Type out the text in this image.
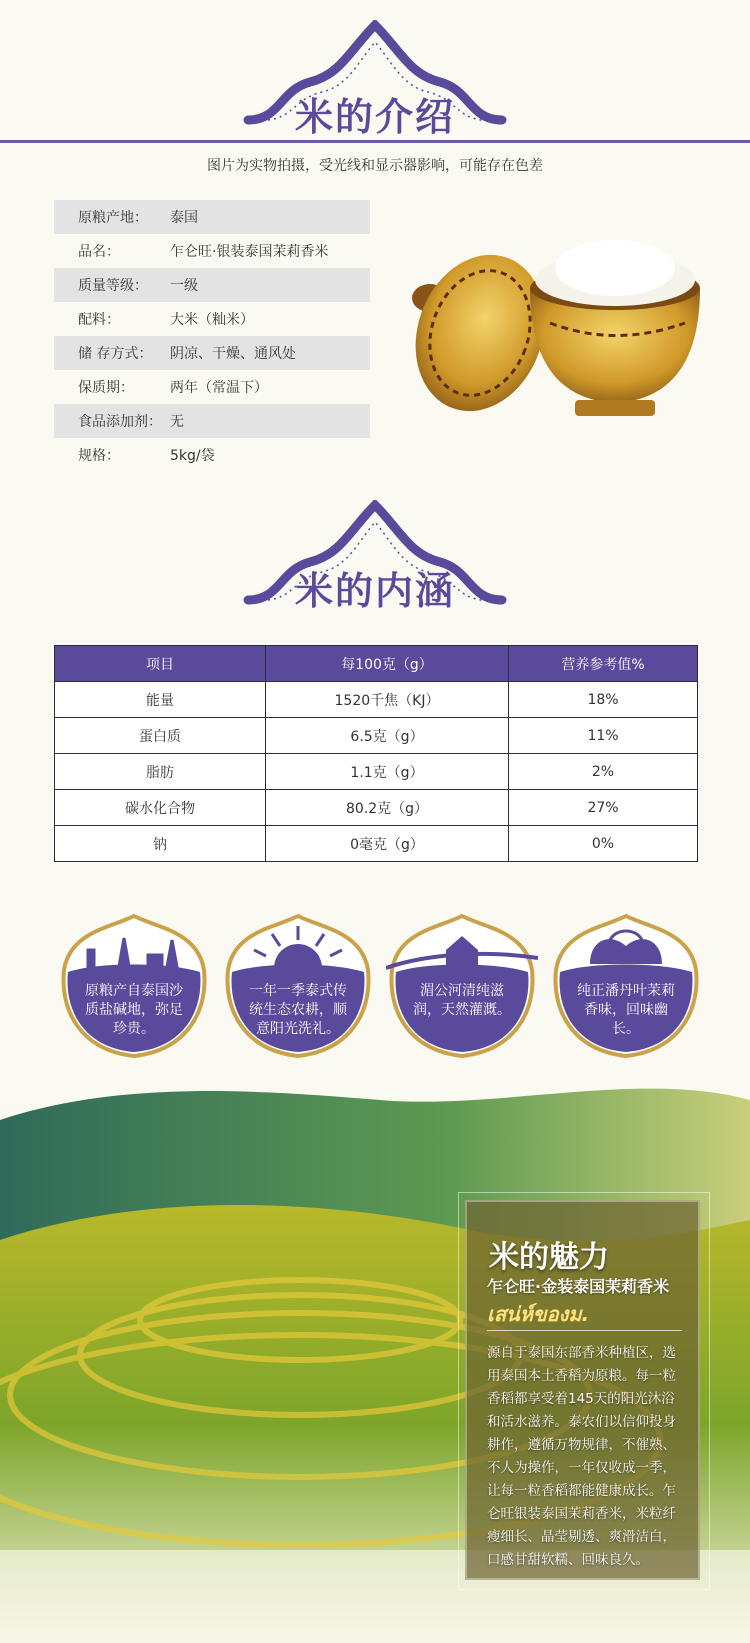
米的介绍
图片为实物拍摄，受光线和显示器影响，可能存在色差
原粮产地：	泰国
品名：	乍仑旺·银装泰国茉莉香米
质量等级：	一级
配料：	大米（籼米）
储 存方式：	阴凉、干燥、通风处
保质期：	两年（常温下）
食品添加剂： 无
规格：	5kg/袋
米的内涵
项目	每100克（g）	营养参考值%
能量	1520千焦（KJ）	18%
蛋白质	6.5克（g）	11%
脂肪	1.1克（g）	2%
碳水化合物	80.2克（g）	27%
钠	0毫克（g）	0%
原粮产自泰国沙质盐碱地，弥足珍贵。
一年一季泰式传统生态农耕，顺意阳光洗礼。
湄公河清纯滋润，天然灌溉。
纯正潘丹叶茉莉香味，回味幽长。
米的魅力
乍仑旺·金装泰国茉莉香米
เสน่ห์ของม.
源自于泰国东部香米种植区，选用泰国本土香稻为原粮。每一粒香稻都享受着145天的阳光沐浴和活水滋养。泰农们以信仰投身耕作，遵循万物规律，不催熟、不人为操作，一年仅收成一季，让每一粒香稻都能健康成长。乍仑旺银装泰国茉莉香米，米粒纤瘦细长、晶莹剔透、爽滑洁白，口感甘甜软糯、回味良久。
